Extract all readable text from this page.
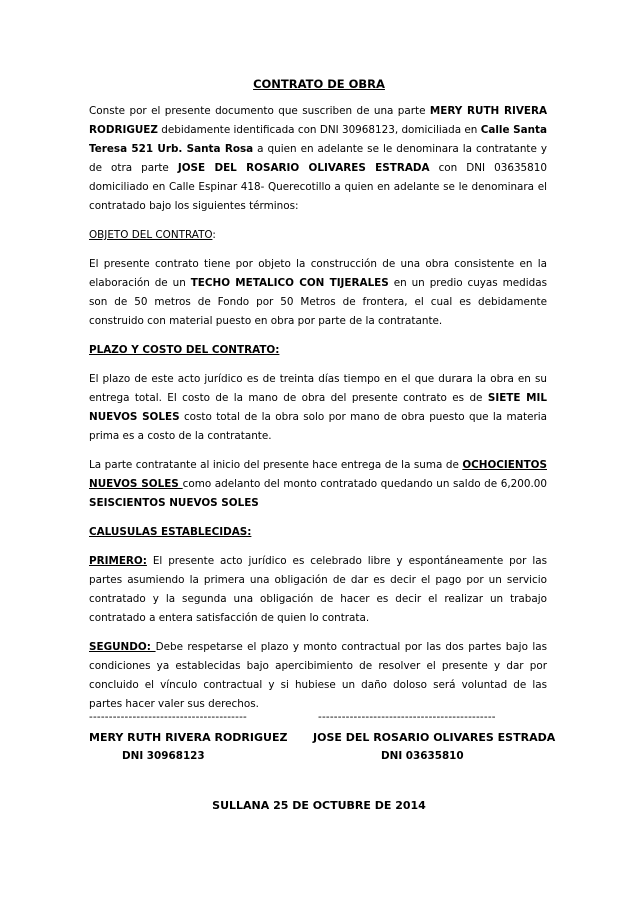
CONTRATO DE OBRA

Conste por el presente documento que suscriben de una parte MERY RUTH RIVERA RODRIGUEZ debidamente identificada con DNI 30968123, domiciliada en Calle Santa Teresa 521 Urb. Santa Rosa a quien en adelante se le denominara la contratante y de otra parte JOSE DEL ROSARIO OLIVARES ESTRADA con DNI 03635810 domiciliado en Calle Espinar 418- Querecotillo a quien en adelante se le denominara el contratado bajo los siguientes términos:

OBJETO DEL CONTRATO:

El presente contrato tiene por objeto la construcción de una obra consistente en la elaboración de un TECHO METALICO CON TIJERALES en un predio cuyas medidas son de 50 metros de Fondo por 50 Metros de frontera, el cual es debidamente construido con material puesto en obra por parte de la contratante.

PLAZO Y COSTO DEL CONTRATO:

El plazo de este acto jurídico es de treinta días tiempo en el que durara la obra en su entrega total. El costo de la mano de obra del presente contrato es de SIETE MIL NUEVOS SOLES costo total de la obra solo por mano de obra puesto que la materia prima es a costo de la contratante.

La parte contratante al inicio del presente hace entrega de la suma de OCHOCIENTOS NUEVOS SOLES como adelanto del monto contratado quedando un saldo de 6,200.00 SEISCIENTOS NUEVOS SOLES

CALUSULAS ESTABLECIDAS:

PRIMERO: El presente acto jurídico es celebrado libre y espontáneamente por las partes asumiendo la primera una obligación de dar es decir el pago por un servicio contratado y la segunda una obligación de hacer es decir el realizar un trabajo contratado a entera satisfacción de quien lo contrata.

SEGUNDO: Debe respetarse el plazo y monto contractual por las dos partes bajo las condiciones ya establecidas bajo apercibimiento de resolver el presente y dar por concluido el vínculo contractual y si hubiese un daño doloso será voluntad de las partes hacer valer sus derechos.

----------------------------------------	---------------------------------------------
MERY RUTH RIVERA RODRIGUEZ JOSE DEL ROSARIO OLIVARES ESTRADA
DNI 30968123	DNI 03635810
SULLANA 25 DE OCTUBRE DE 2014
